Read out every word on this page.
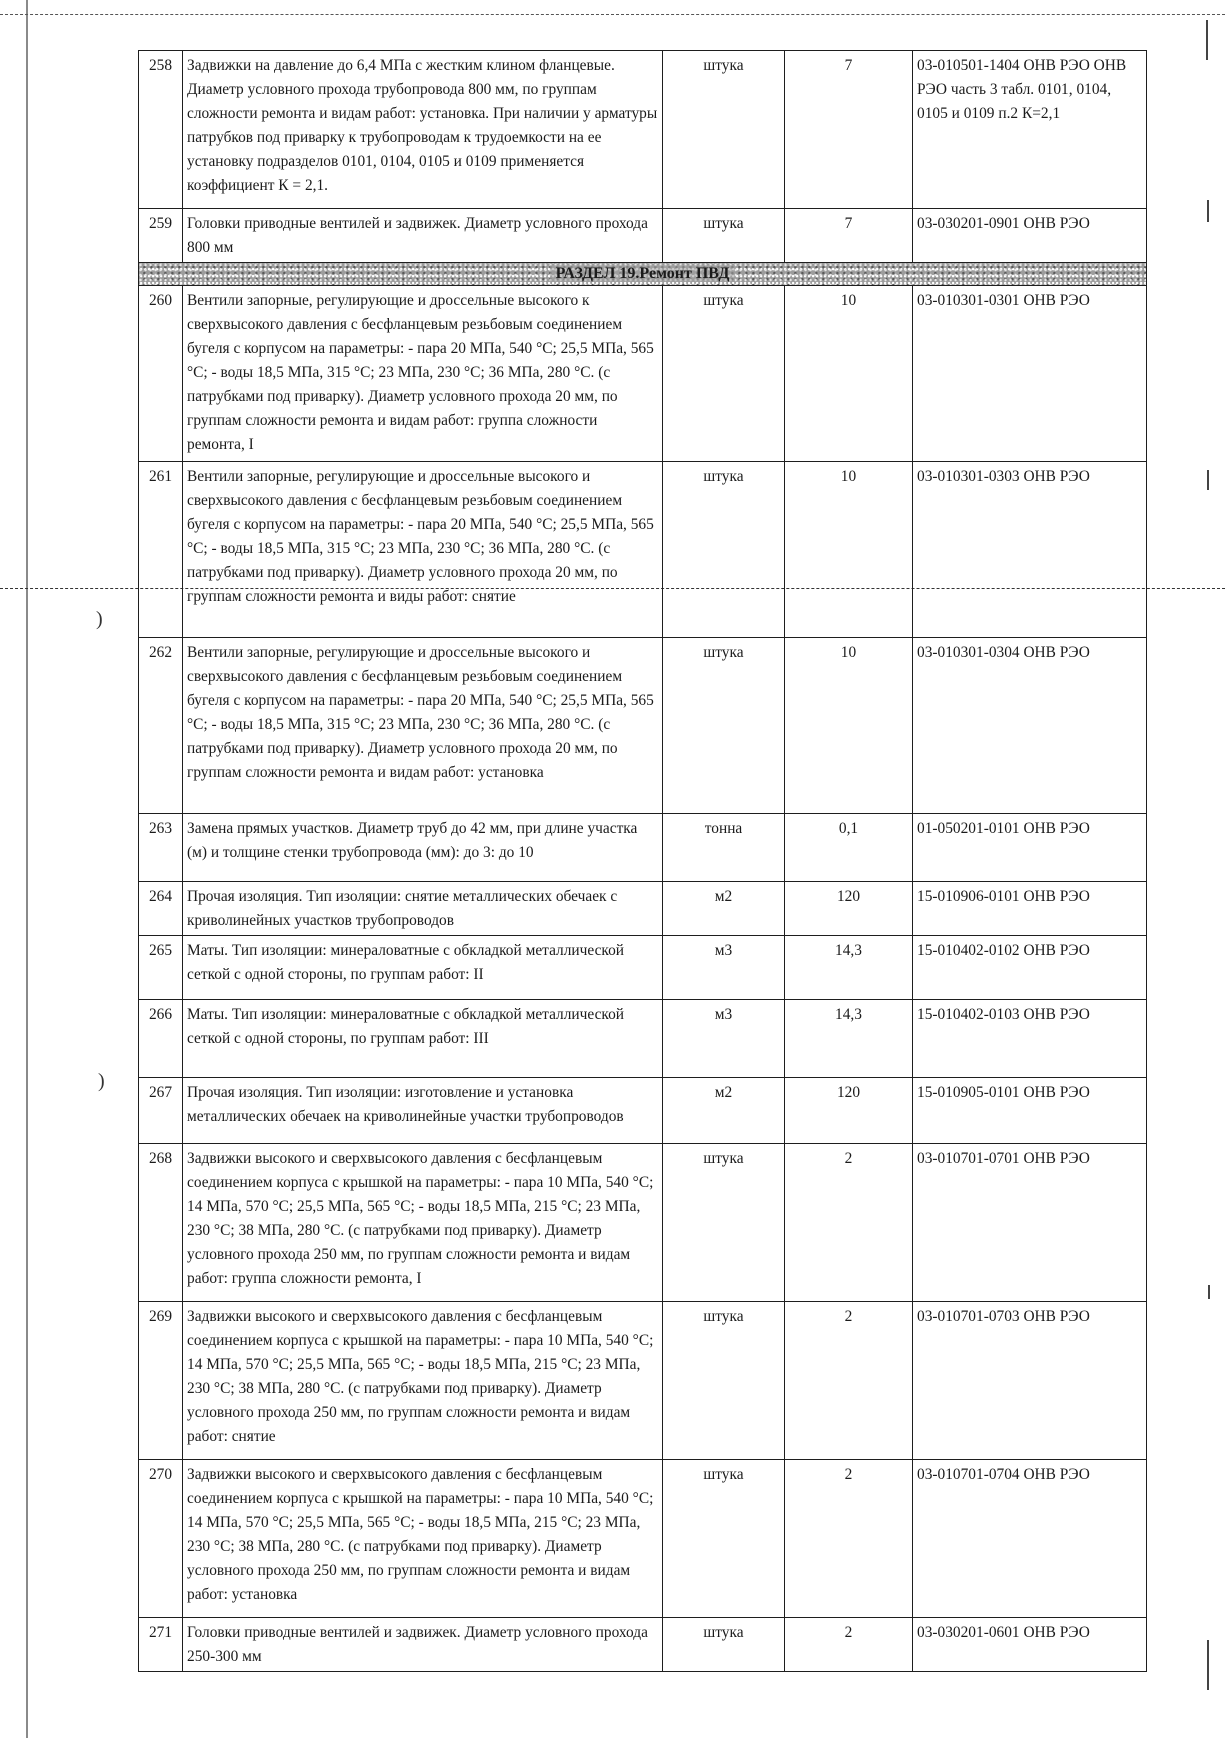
)
)
258	Задвижки на давление до 6,4 МПа с жестким клином фланцевые. Диаметр условного прохода трубопровода 800 мм, по группам сложности ремонта и видам работ: установка. При наличии у арматуры патрубков под приварку к трубопроводам к трудоемкости на ее установку подразделов 0101, 0104, 0105 и 0109 применяется коэффициент К = 2,1.	штука	7	03-010501-1404 ОНВ РЭО ОНВ РЭО часть 3 табл. 0101, 0104, 0105 и 0109 п.2 К=2,1
259	Головки приводные вентилей и задвижек. Диаметр условного прохода 800 мм	штука	7	03-030201-0901 ОНВ РЭО
РАЗДЕЛ 19.Ремонт ПВД				
260	Вентили запорные, регулирующие и дроссельные высокого к сверхвысокого давления с бесфланцевым резьбовым соединением бугеля с корпусом на параметры: - пара 20 МПа, 540 °С; 25,5 МПа, 565 °С; - воды 18,5 МПа, 315 °С; 23 МПа, 230 °С; 36 МПа, 280 °С. (с патрубками под приварку). Диаметр условного прохода 20 мм, по группам сложности ремонта и видам работ: группа сложности ремонта, I	штука	10	03-010301-0301 ОНВ РЭО
261	Вентили запорные, регулирующие и дроссельные высокого и сверхвысокого давления с бесфланцевым резьбовым соединением бугеля с корпусом на параметры: - пара 20 МПа, 540 °С; 25,5 МПа, 565 °С; - воды 18,5 МПа, 315 °С; 23 МПа, 230 °С; 36 МПа, 280 °С. (с патрубками под приварку). Диаметр условного прохода 20 мм, по группам сложности ремонта и виды работ: снятие	штука	10	03-010301-0303 ОНВ РЭО
262	Вентили запорные, регулирующие и дроссельные высокого и сверхвысокого давления с бесфланцевым резьбовым соединением бугеля с корпусом на параметры: - пара 20 МПа, 540 °С; 25,5 МПа, 565 °С; - воды 18,5 МПа, 315 °С; 23 МПа, 230 °С; 36 МПа, 280 °С. (с патрубками под приварку). Диаметр условного прохода 20 мм, по группам сложности ремонта и видам работ: установка	штука	10	03-010301-0304 ОНВ РЭО
263	Замена прямых участков. Диаметр труб до 42 мм, при длине участка (м) и толщине стенки трубопровода (мм): до 3: до 10	тонна	0,1	01-050201-0101 ОНВ РЭО
264	Прочая изоляция. Тип изоляции: снятие металлических обечаек с криволинейных участков трубопроводов	м2	120	15-010906-0101 ОНВ РЭО
265	Маты. Тип изоляции: минераловатные с обкладкой металлической сеткой с одной стороны, по группам работ: II	м3	14,3	15-010402-0102 ОНВ РЭО
266	Маты. Тип изоляции: минераловатные с обкладкой металлической сеткой с одной стороны, по группам работ: III	м3	14,3	15-010402-0103 ОНВ РЭО
267	Прочая изоляция. Тип изоляции: изготовление и установка металлических обечаек на криволинейные участки трубопроводов	м2	120	15-010905-0101 ОНВ РЭО
268	Задвижки высокого и сверхвысокого давления с бесфланцевым соединением корпуса с крышкой на параметры: - пара 10 МПа, 540 °С; 14 МПа, 570 °С; 25,5 МПа, 565 °С; - воды 18,5 МПа, 215 °С; 23 МПа, 230 °С; 38 МПа, 280 °С. (с патрубками под приварку). Диаметр условного прохода 250 мм, по группам сложности ремонта и видам работ: группа сложности ремонта, I	штука	2	03-010701-0701 ОНВ РЭО
269	Задвижки высокого и сверхвысокого давления с бесфланцевым соединением корпуса с крышкой на параметры: - пара 10 МПа, 540 °С; 14 МПа, 570 °С; 25,5 МПа, 565 °С; - воды 18,5 МПа, 215 °С; 23 МПа, 230 °С; 38 МПа, 280 °С. (с патрубками под приварку). Диаметр условного прохода 250 мм, по группам сложности ремонта и видам работ: снятие	штука	2	03-010701-0703 ОНВ РЭО
270	Задвижки высокого и сверхвысокого давления с бесфланцевым соединением корпуса с крышкой на параметры: - пара 10 МПа, 540 °С; 14 МПа, 570 °С; 25,5 МПа, 565 °С; - воды 18,5 МПа, 215 °С; 23 МПа, 230 °С; 38 МПа, 280 °С. (с патрубками под приварку). Диаметр условного прохода 250 мм, по группам сложности ремонта и видам работ: установка	штука	2	03-010701-0704 ОНВ РЭО
271	Головки приводные вентилей и задвижек. Диаметр условного прохода 250-300 мм	штука	2	03-030201-0601 ОНВ РЭО
